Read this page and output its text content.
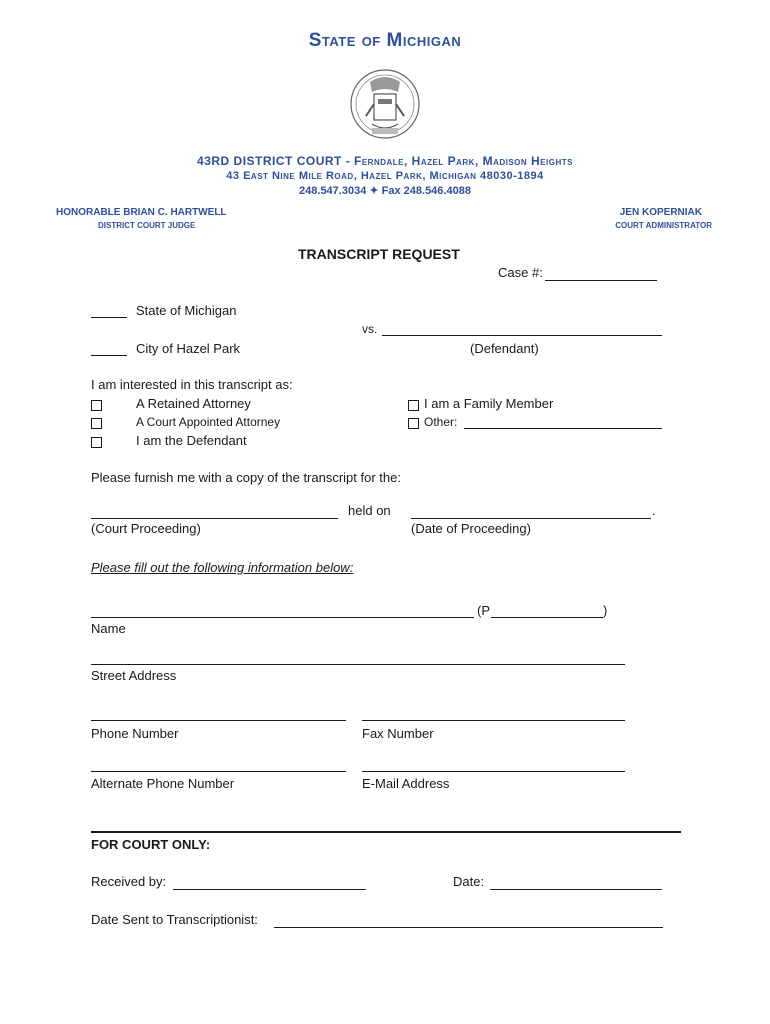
State of Michigan
43RD DISTRICT COURT - Ferndale, Hazel Park, Madison Heights
43 East Nine Mile Road, Hazel Park, Michigan 48030-1894
248.547.3034 ✦ Fax 248.546.4088
HONORABLE BRIAN C. HARTWELL
DISTRICT COURT JUDGE
JEN KOPERNIAK
COURT ADMINISTRATOR
TRANSCRIPT REQUEST
Case #:
State of Michigan
vs.
City of Hazel Park	(Defendant)
I am interested in this transcript as:
A Retained Attorney
A Court Appointed Attorney
I am the Defendant
I am a Family Member
Other:
Please furnish me with a copy of the transcript for the:
held on	.
(Court Proceeding)	(Date of Proceeding)
Please fill out the following information below:
(P	)
Name
Street Address
Phone Number	Fax Number
Alternate Phone Number	E-Mail Address
FOR COURT ONLY:
Received by:	Date:
Date Sent to Transcriptionist:
